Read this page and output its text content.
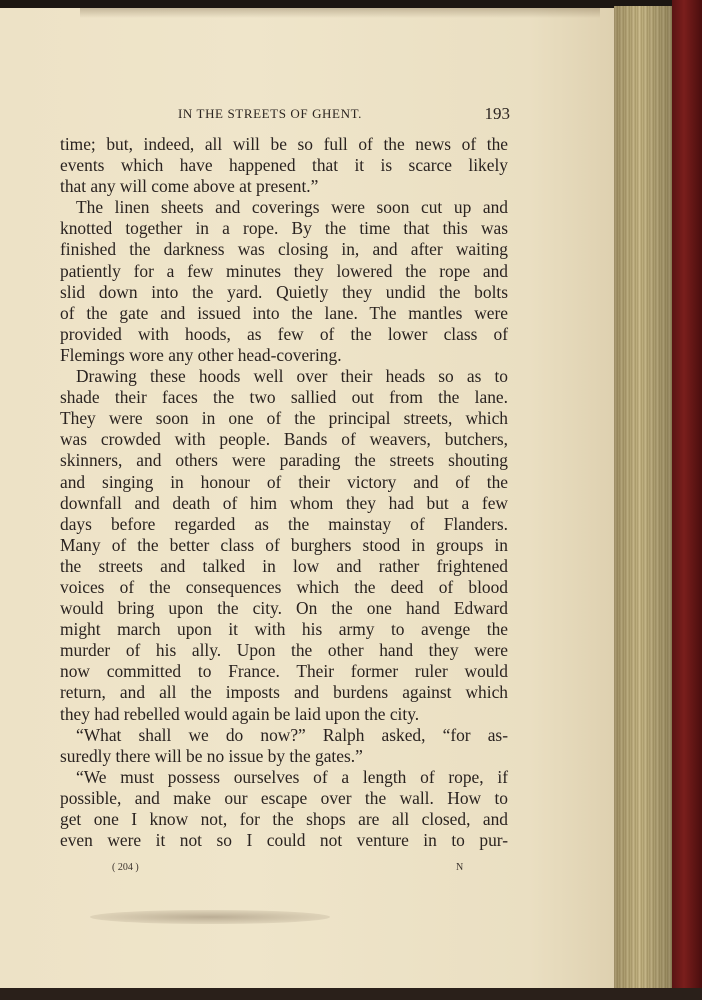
IN THE STREETS OF GHENT.	193
time; but, indeed, all will be so full of the news of the
events which have happened that it is scarce likely
that any will come above at present.”
The linen sheets and coverings were soon cut up and
knotted together in a rope. By the time that this was
finished the darkness was closing in, and after waiting
patiently for a few minutes they lowered the rope and
slid down into the yard. Quietly they undid the bolts
of the gate and issued into the lane. The mantles were
provided with hoods, as few of the lower class of
Flemings wore any other head-covering.
Drawing these hoods well over their heads so as to
shade their faces the two sallied out from the lane.
They were soon in one of the principal streets, which
was crowded with people. Bands of weavers, butchers,
skinners, and others were parading the streets shouting
and singing in honour of their victory and of the
downfall and death of him whom they had but a few
days before regarded as the mainstay of Flanders.
Many of the better class of burghers stood in groups in
the streets and talked in low and rather frightened
voices of the consequences which the deed of blood
would bring upon the city. On the one hand Edward
might march upon it with his army to avenge the
murder of his ally. Upon the other hand they were
now committed to France. Their former ruler would
return, and all the imposts and burdens against which
they had rebelled would again be laid upon the city.
“What shall we do now?” Ralph asked, “for as-
suredly there will be no issue by the gates.”
“We must possess ourselves of a length of rope, if
possible, and make our escape over the wall. How to
get one I know not, for the shops are all closed, and
even were it not so I could not venture in to pur-
( 204 )	N
